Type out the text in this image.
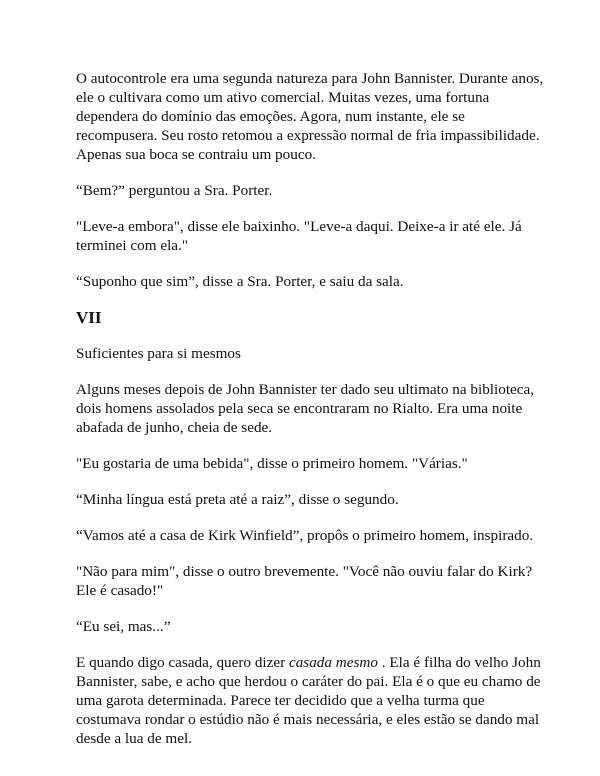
O autocontrole era uma segunda natureza para John Bannister. Durante anos, ele o cultivara como um ativo comercial. Muitas vezes, uma fortuna dependera do domínio das emoções. Agora, num instante, ele se recompusera. Seu rosto retomou a expressão normal de fria impassibilidade. Apenas sua boca se contraiu um pouco.

“Bem?” perguntou a Sra. Porter.

"Leve-a embora", disse ele baixinho. "Leve-a daqui. Deixe-a ir até ele. Já terminei com ela."

“Suponho que sim”, disse a Sra. Porter, e saiu da sala.

VII

Suficientes para si mesmos

Alguns meses depois de John Bannister ter dado seu ultimato na biblioteca, dois homens assolados pela seca se encontraram no Rialto. Era uma noite abafada de junho, cheia de sede.

"Eu gostaria de uma bebida", disse o primeiro homem. "Várias."

“Minha língua está preta até a raiz”, disse o segundo.

“Vamos até a casa de Kirk Winfield”, propôs o primeiro homem, inspirado.

"Não para mim", disse o outro brevemente. "Você não ouviu falar do Kirk? Ele é casado!"

“Eu sei, mas...”

E quando digo casada, quero dizer casada mesmo . Ela é filha do velho John Bannister, sabe, e acho que herdou o caráter do pai. Ela é o que eu chamo de uma garota determinada. Parece ter decidido que a velha turma que costumava rondar o estúdio não é mais necessária, e eles estão se dando mal desde a lua de mel.
